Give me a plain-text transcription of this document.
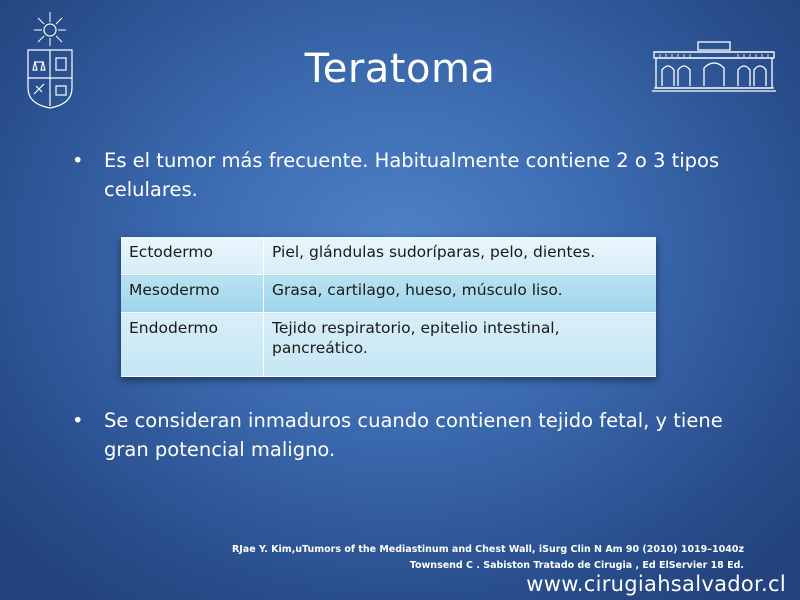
Teratoma
• Es el tumor más frecuente. Habitualmente contiene 2 o 3 tipos celulares.
Ectodermo	Piel, glándulas sudoríparas, pelo, dientes.
Mesodermo	Grasa, cartilago, hueso, músculo liso.
Endodermo	Tejido respiratorio, epitelio intestinal, pancreático.
• Se consideran inmaduros cuando contienen tejido fetal, y tiene gran potencial maligno.
RJae Y. Kim,uTumors of the Mediastinum and Chest Wall, iSurg Clin N Am 90 (2010) 1019–1040z
Townsend C . Sabiston Tratado de Cirugia , Ed ElServier 18 Ed.
www.cirugiahsalvador.cl
